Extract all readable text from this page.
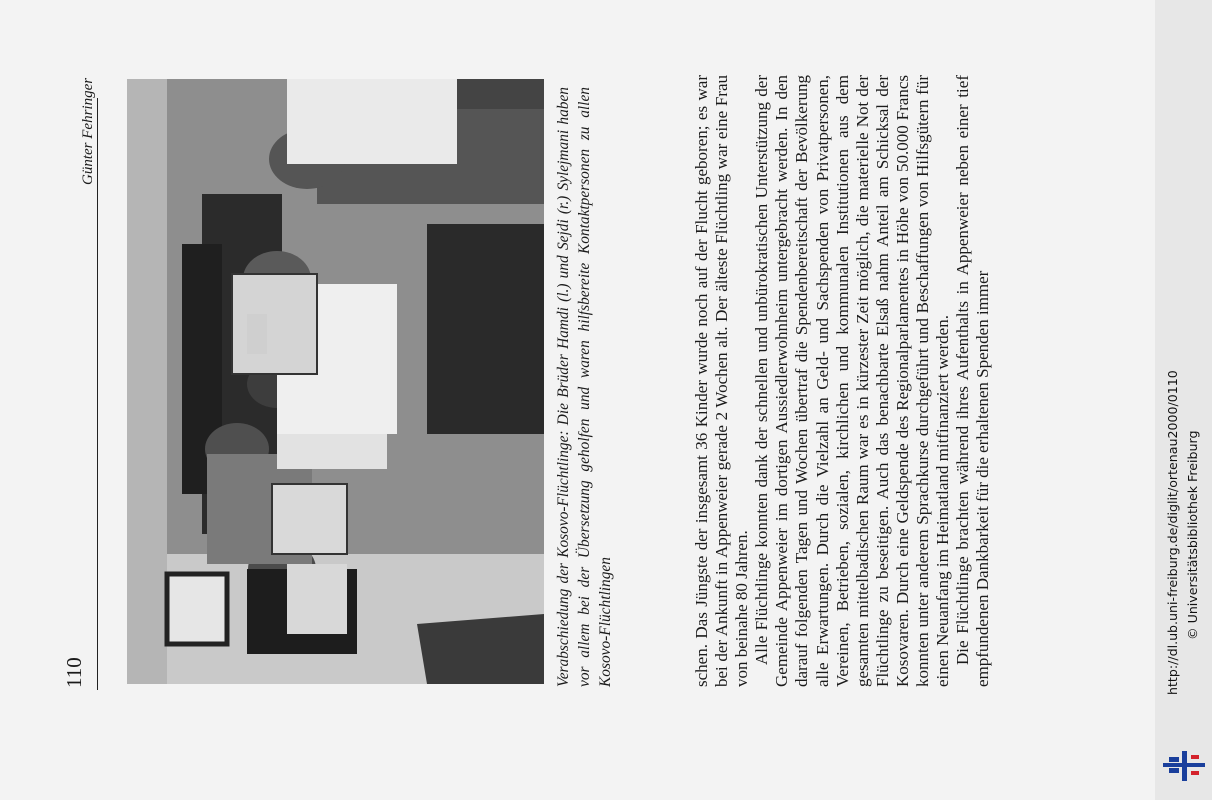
110
Günter Fehringer	Verabschiedung der Kosovo-Flüchtlinge: Die Brüder Hamdi (l.) und Sejdi (r.) Sylejmani haben vor allem bei der Übersetzung geholfen und waren hilfsbereite Kontaktpersonen zu allen Kosovo-Flüchtlingen	schen. Das Jüngste der insgesamt 36 Kinder wurde noch auf der Flucht geboren; es war bei der Ankunft in Appenweier gerade 2 Wochen alt. Der älteste Flüchtling war eine Frau von beinahe 80 Jahren. Alle Flüchtlinge konnten dank der schnellen und unbürokratischen Unterstützung der Gemeinde Appenweier im dortigen Aussiedlerwohnheim untergebracht werden. In den darauf folgenden Tagen und Wochen übertraf die Spendenbereitschaft der Bevölkerung alle Erwartungen. Durch die Vielzahl an Geld- und Sachspenden von Privatpersonen, Vereinen, Betrieben, sozialen, kirchlichen und kommunalen Institutionen aus dem gesamten mittelbadischen Raum war es in kürzester Zeit möglich, die materielle Not der Flüchtlinge zu beseitigen. Auch das benachbarte Elsaß nahm Anteil am Schicksal der Kosovaren. Durch eine Geldspende des Regionalparlamentes in Höhe von 50.000 Francs konnten unter anderem Sprachkurse durchgeführt und Beschaffungen von Hilfsgütern für einen Neuanfang im Heimatland mitfinanziert werden. Die Flüchtlinge brachten während ihres Aufenthalts in Appenweier neben einer tief empfundenen Dankbarkeit für die erhaltenen Spenden immer	http://dl.ub.uni-freiburg.de/diglit/ortenau2000/0110 © Universitätsbibliothek Freiburg
